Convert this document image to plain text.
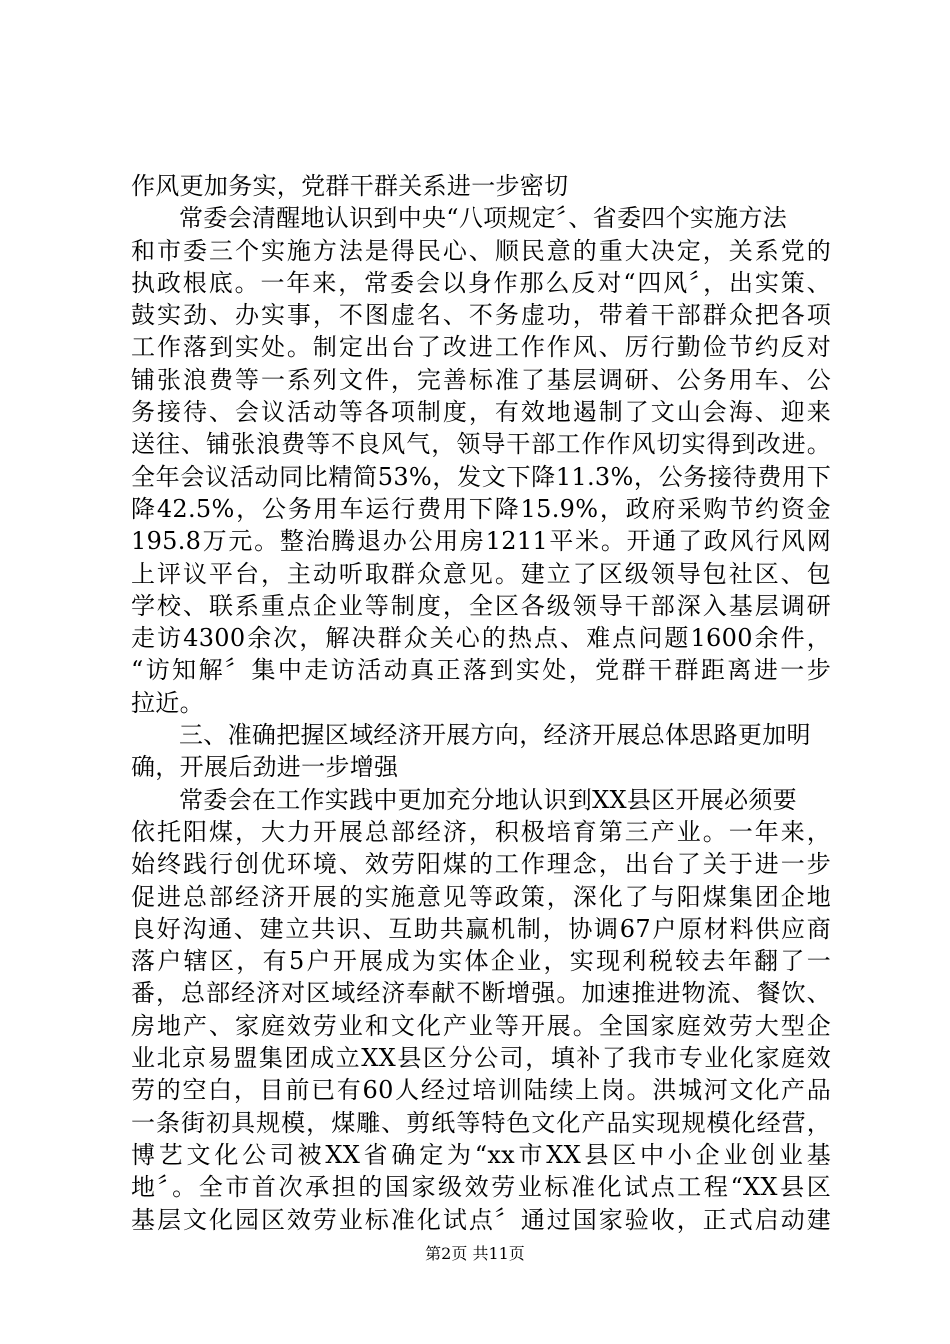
作风更加务实，党群干群关系进一步密切
常委会清醒地认识到中央“八项规定〞、省委四个实施方法
和市委三个实施方法是得民心、顺民意的重大决定，关系党的
执政根底。一年来，常委会以身作那么反对“四风〞，出实策、
鼓实劲、办实事，不图虚名、不务虚功，带着干部群众把各项
工作落到实处。制定出台了改进工作作风、厉行勤俭节约反对
铺张浪费等一系列文件，完善标准了基层调研、公务用车、公
务接待、会议活动等各项制度，有效地遏制了文山会海、迎来
送往、铺张浪费等不良风气，领导干部工作作风切实得到改进。
全年会议活动同比精简53%，发文下降11.3%，公务接待费用下
降42.5%，公务用车运行费用下降15.9%，政府采购节约资金
195.8万元。整治腾退办公用房1211平米。开通了政风行风网
上评议平台，主动听取群众意见。建立了区级领导包社区、包
学校、联系重点企业等制度，全区各级领导干部深入基层调研
走访4300余次，解决群众关心的热点、难点问题1600余件，
“访知解〞集中走访活动真正落到实处，党群干群距离进一步
拉近。
三、准确把握区域经济开展方向，经济开展总体思路更加明
确，开展后劲进一步增强
常委会在工作实践中更加充分地认识到XX县区开展必须要
依托阳煤，大力开展总部经济，积极培育第三产业。一年来，
始终践行创优环境、效劳阳煤的工作理念，出台了关于进一步
促进总部经济开展的实施意见等政策，深化了与阳煤集团企地
良好沟通、建立共识、互助共赢机制，协调67户原材料供应商
落户辖区，有5户开展成为实体企业，实现利税较去年翻了一
番，总部经济对区域经济奉献不断增强。加速推进物流、餐饮、
房地产、家庭效劳业和文化产业等开展。全国家庭效劳大型企
业北京易盟集团成立XX县区分公司，填补了我市专业化家庭效
劳的空白，目前已有60人经过培训陆续上岗。洪城河文化产品
一条街初具规模，煤雕、剪纸等特色文化产品实现规模化经营，
博艺文化公司被XX省确定为“xx市XX县区中小企业创业基
地〞。全市首次承担的国家级效劳业标准化试点工程“XX县区
基层文化园区效劳业标准化试点〞通过国家验收，正式启动建
第2页 共11页
